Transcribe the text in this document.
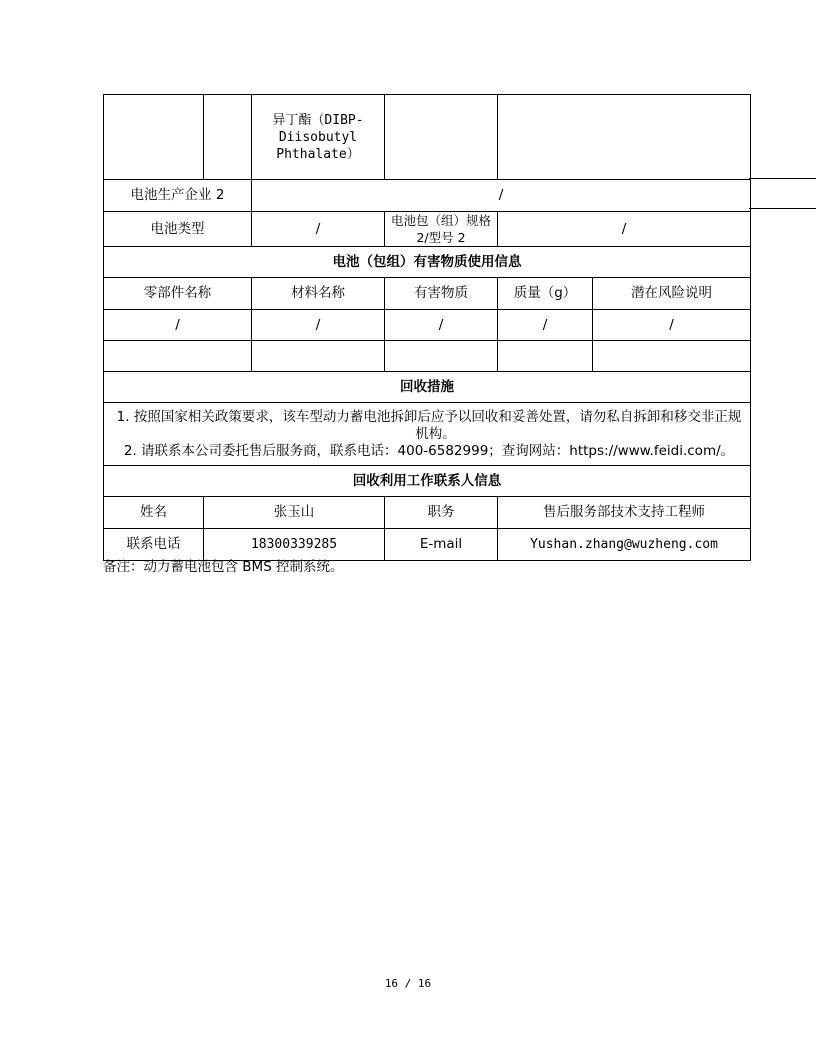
		异丁酯（DIBP-Diisobutyl Phthalate）			
电池生产企业 2		/			
电池类型		/	电池包（组）规格 2/型号 2	/	
电池（包组）有害物质使用信息					
零部件名称		材料名称	有害物质	质量（g）	潜在风险说明
/		/	/	/	/

回收措施					

1. 按照国家相关政策要求，该车型动力蓄电池拆卸后应予以回收和妥善处置，请勿私自拆卸和移交非正规机构。
2. 请联系本公司委托售后服务商，联系电话：400-6582999；查询网站：https://www.feidi.com/。					

回收利用工作联系人信息					
姓名	张玉山		职务	售后服务部技术支持工程师	
联系电话	18300339285		E-mail	Yushan.zhang@wuzheng.com	
备注：动力蓄电池包含 BMS 控制系统。
16 / 16
